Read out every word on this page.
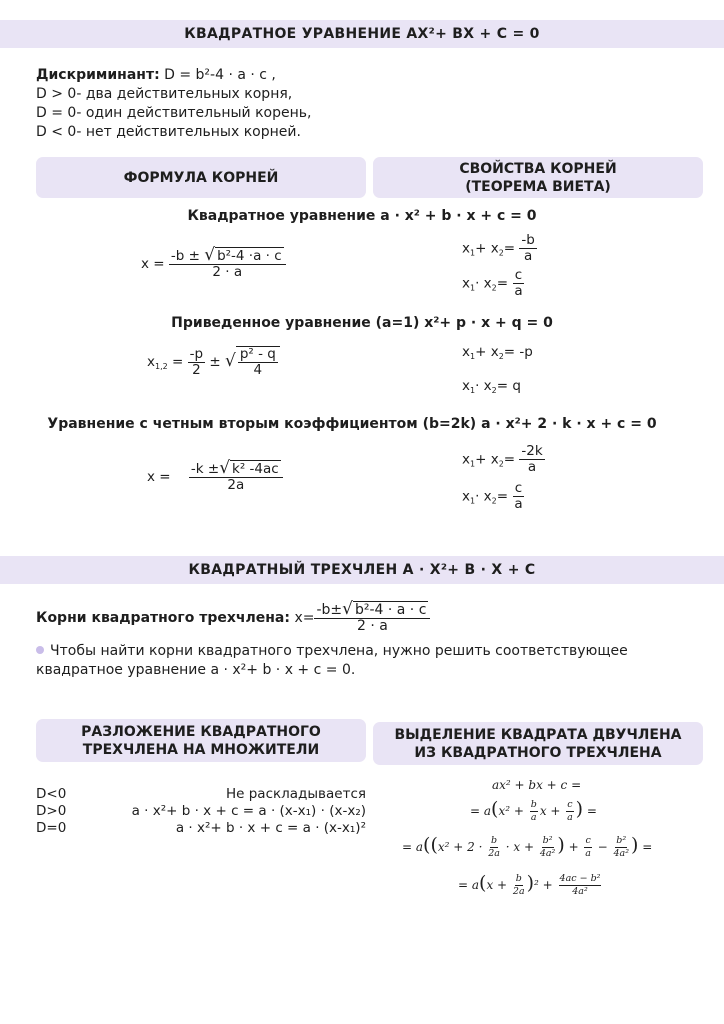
КВАДРАТНОЕ УРАВНЕНИЕ AX²+ BX + C = 0
Дискриминант: D = b²-4 · a · c ,
D > 0- два действительных корня,
D = 0- один действительный корень,
D < 0- нет действительных корней.
ФОРМУЛА КОРНЕЙ
СВОЙСТВА КОРНЕЙ
(ТЕОРЕМА ВИЕТА)
Квадратное уравнение a · x² + b · x + c = 0
$x = \frac{\text{-b ± √ b²-4 ·a · c}}{2 \cdot a}$	$x_1+ x_2= \frac{-b}{a}$
$x_1\cdot x_2= \frac{c}{a}$
Приведенное уравнение (a=1) x²+ p · x + q = 0
$x_{1,2} = \frac{-p}{2}$ ± √ $\frac{\text{p² - q}}{4}$	$x_1+ x_2= -p$
$x_1\cdot x_2= q$
Уравнение с четным вторым коэффициентом (b=2k) a · x²+ 2 · k · x + c = 0
$x = \frac{\text{-k ±√ k² -4ac}}{2a}$
$x_1+ x_2= \frac{-2k}{a}$
$x_1\cdot x_2= \frac{c}{a}$
КВАДРАТНЫЙ ТРЕХЧЛЕН A · X²+ B · X + C
Корни квадратного трехчлена: $x= \frac{\text{-b±√ b²-4 · a · c}}{2 \cdot a}$
Чтобы найти корни квадратного трехчлена, нужно решить соответствующее
квадратное уравнение a · x²+ b · x + c = 0.
РАЗЛОЖЕНИЕ КВАДРАТНОГО
ТРЕХЧЛЕНА НА МНОЖИТЕЛИ
ВЫДЕЛЕНИЕ КВАДРАТА ДВУЧЛЕНА
ИЗ КВАДРАТНОГО ТРЕХЧЛЕНА
D<0	Не раскладывается
D>0	a · x²+ b · x + c = a · (x-x₁) · (x-x₂)
D=0	a · x²+ b · x + c = a · (x-x₁)²
ax² + bx + c =
= $a(x^2 + \frac{b}{a}$ $x + \frac{c}{a}$ ) =
= $a((x^2 + 2 \cdot \frac{b}{2a} \cdot x + \frac{\text{b²}}{\text{4a²}}$ ) + $\frac{c}{a} - \frac{\text{b²}}{\text{4a²}}$ ) =
= $a(x + \frac{b}{2a} )^2 + \frac{\text{4ac − b²}}{\text{4a²}}$
